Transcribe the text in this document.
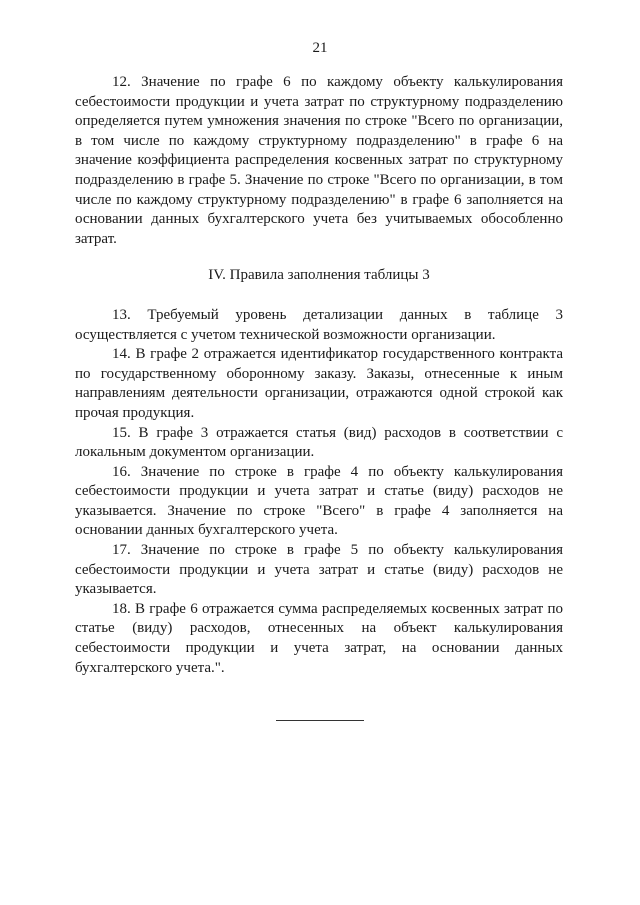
21

12. Значение по графе 6 по каждому объекту калькулирования себестоимости продукции и учета затрат по структурному подразделению определяется путем умножения значения по строке "Всего по организации, в том числе по каждому структурному подразделению" в графе 6 на значение коэффициента распределения косвенных затрат по структурному подразделению в графе 5. Значение по строке "Всего по организации, в том числе по каждому структурному подразделению" в графе 6 заполняется на основании данных бухгалтерского учета без учитываемых обособленно затрат.

IV. Правила заполнения таблицы 3

13. Требуемый уровень детализации данных в таблице 3 осуществляется с учетом технической возможности организации.

14. В графе 2 отражается идентификатор государственного контракта по государственному оборонному заказу. Заказы, отнесенные к иным направлениям деятельности организации, отражаются одной строкой как прочая продукция.

15. В графе 3 отражается статья (вид) расходов в соответствии с локальным документом организации.

16. Значение по строке в графе 4 по объекту калькулирования себестоимости продукции и учета затрат и статье (виду) расходов не указывается. Значение по строке "Всего" в графе 4 заполняется на основании данных бухгалтерского учета.

17. Значение по строке в графе 5 по объекту калькулирования себестоимости продукции и учета затрат и статье (виду) расходов не указывается.

18. В графе 6 отражается сумма распределяемых косвенных затрат по статье (виду) расходов, отнесенных на объект калькулирования себестоимости продукции и учета затрат, на основании данных бухгалтерского учета.".
